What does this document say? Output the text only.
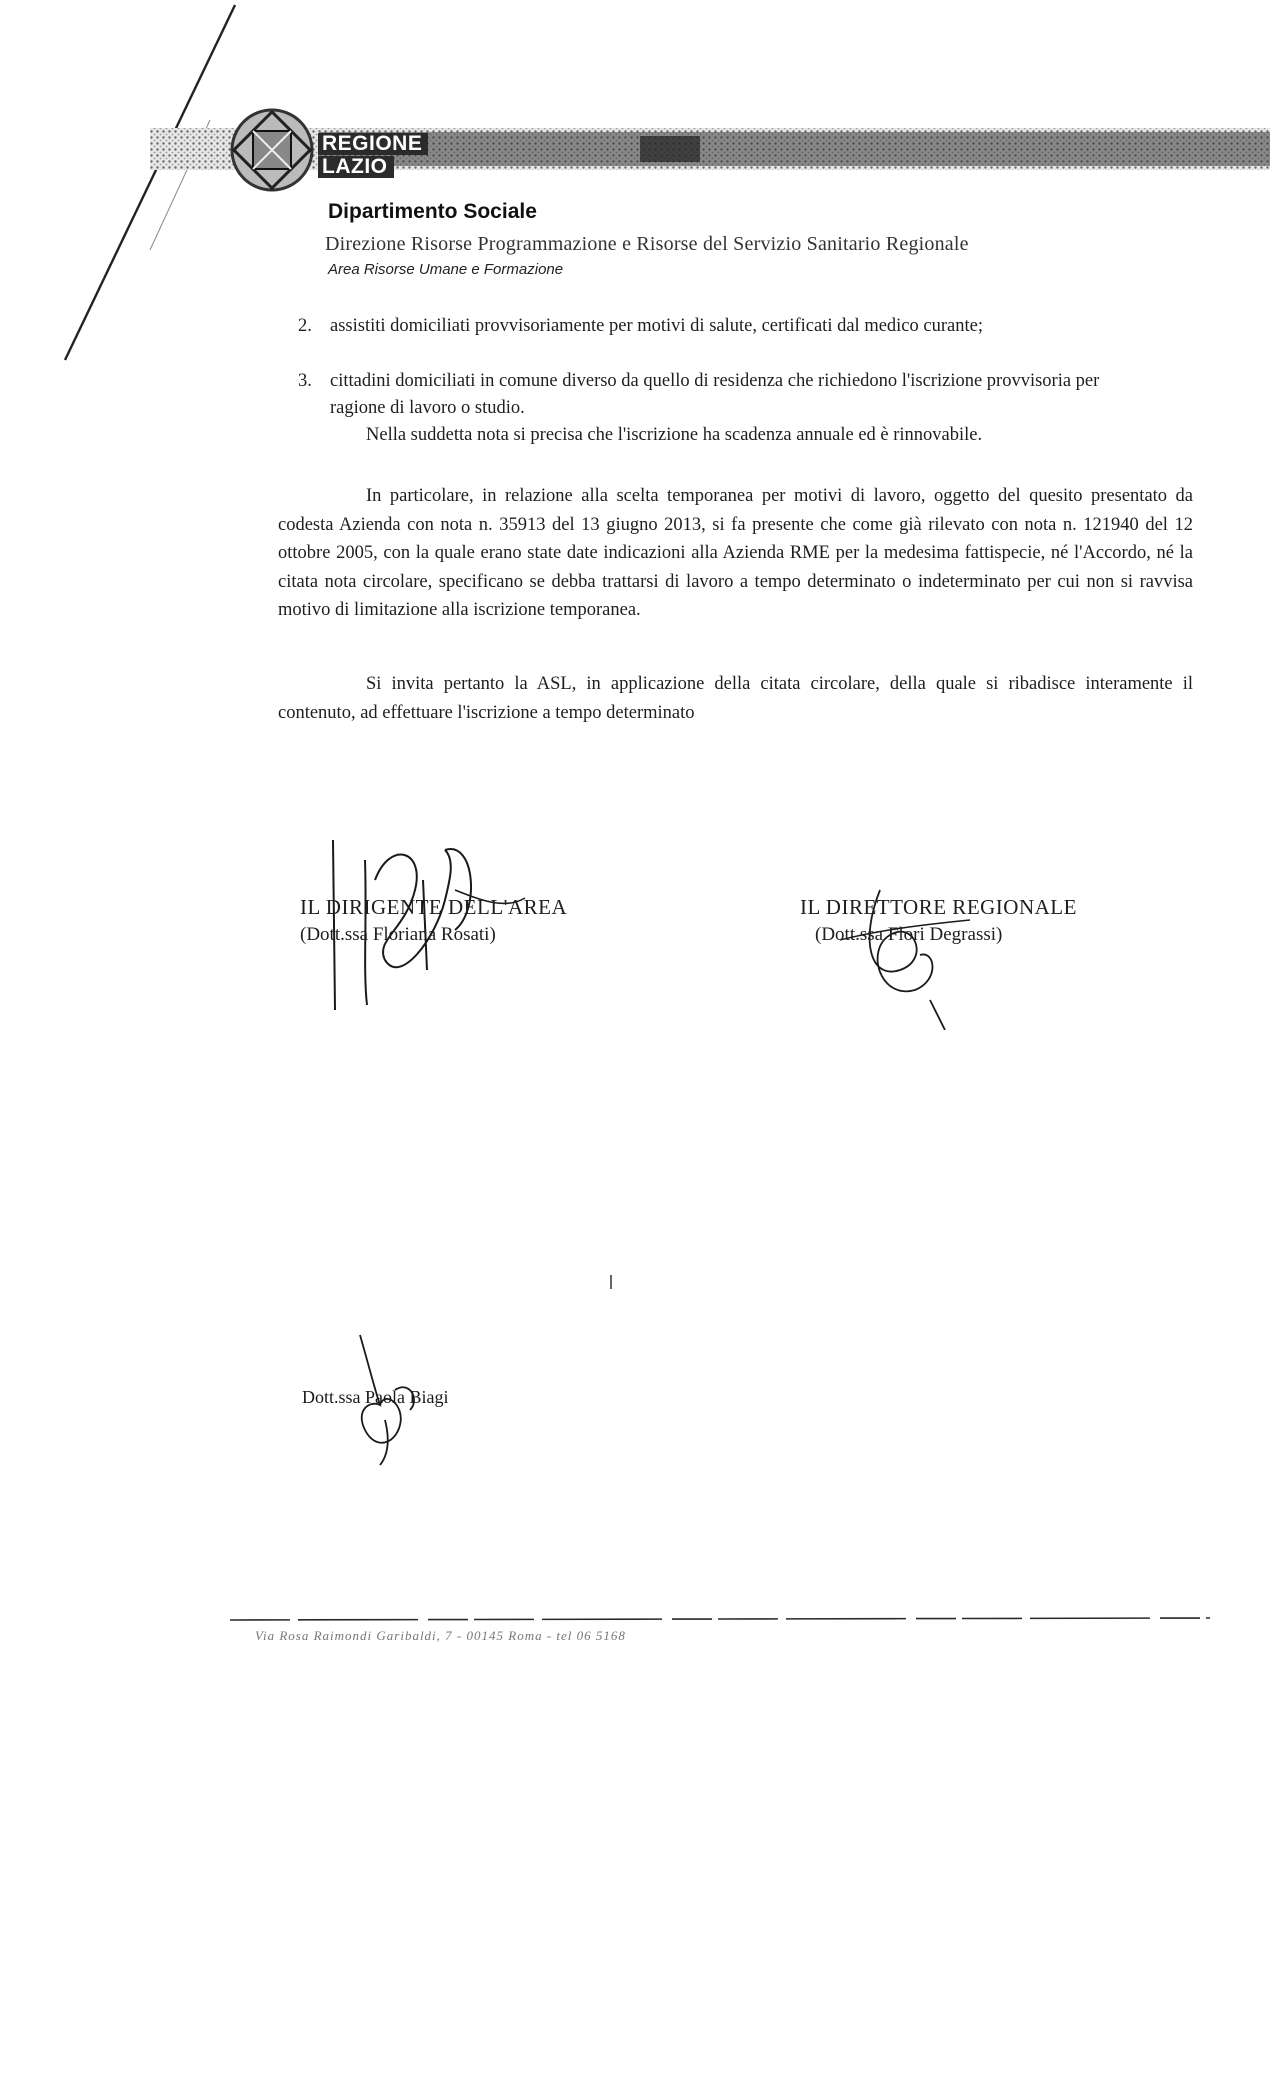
REGIONE
LAZIO
Dipartimento Sociale
Direzione Risorse Programmazione e Risorse del Servizio Sanitario Regionale
Area Risorse Umane e Formazione
2. assistiti domiciliati provvisoriamente per motivi di salute, certificati dal medico curante;
3. cittadini domiciliati in comune diverso da quello di residenza che richiedono l'iscrizione provvisoria per ragione di lavoro o studio.
Nella suddetta nota si precisa che l'iscrizione ha scadenza annuale ed è rinnovabile.
In particolare, in relazione alla scelta temporanea per motivi di lavoro, oggetto del quesito presentato da codesta Azienda con nota n. 35913 del 13 giugno 2013, si fa presente che come già rilevato con nota n. 121940 del 12 ottobre 2005, con la quale erano state date indicazioni alla Azienda RME per la medesima fattispecie, né l'Accordo, né la citata nota circolare, specificano se debba trattarsi di lavoro a tempo determinato o indeterminato per cui non si ravvisa motivo di limitazione alla iscrizione temporanea.
Si invita pertanto la ASL, in applicazione della citata circolare, della quale si ribadisce interamente il contenuto, ad effettuare l'iscrizione a tempo determinato
IL DIRIGENTE DELL'AREA
(Dott.ssa Floriana Rosati)
IL DIRETTORE REGIONALE
(Dott.ssa Flori Degrassi)
Dott.ssa Paola Biagi
Via Rosa Raimondi Garibaldi, 7 - 00145 Roma - tel 06 5168
